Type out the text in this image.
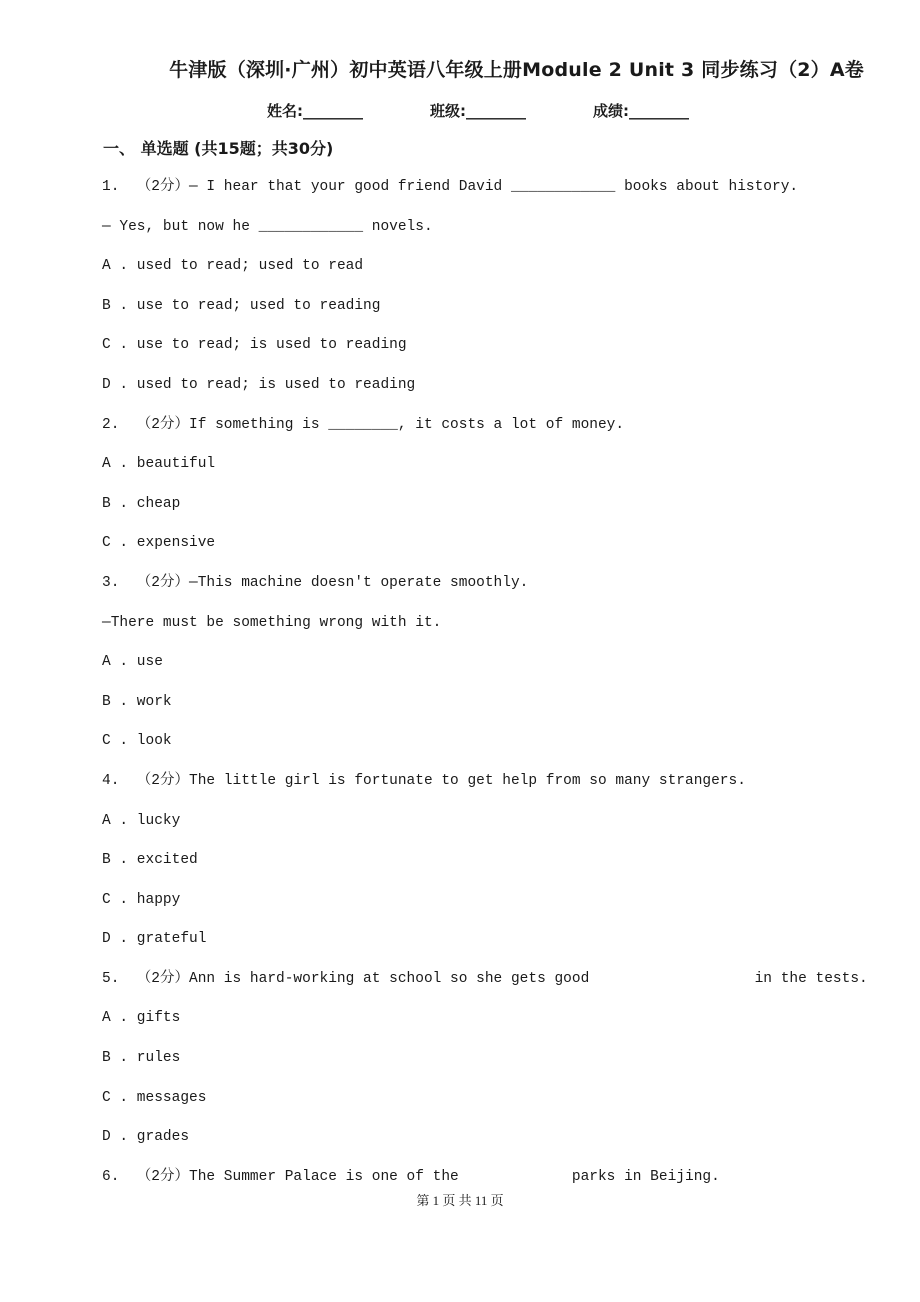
牛津版（深圳·广州）初中英语八年级上册Module 2 Unit 3 同步练习（2）A卷
姓名:________	班级:________	成绩:________
一、 单选题 (共15题；共30分)
1.  （2分）— I hear that your good friend David ____________ books about history.
— Yes, but now he ____________ novels.
A . used to read; used to read
B . use to read; used to reading
C . use to read; is used to reading
D . used to read; is used to reading
2.  （2分）If something is ________, it costs a lot of money.
A . beautiful
B . cheap
C . expensive
3.  （2分）—This machine doesn't operate smoothly.
—There must be something wrong with it.
A . use
B . work
C . look
4.  （2分）The little girl is fortunate to get help from so many strangers.
A . lucky
B . excited
C . happy
D . grateful
5.  （2分）Ann is hard-working at school so she gets good                   in the tests.
A . gifts
B . rules
C . messages
D . grades
6.  （2分）The Summer Palace is one of the             parks in Beijing.
第 1 页 共 11 页
